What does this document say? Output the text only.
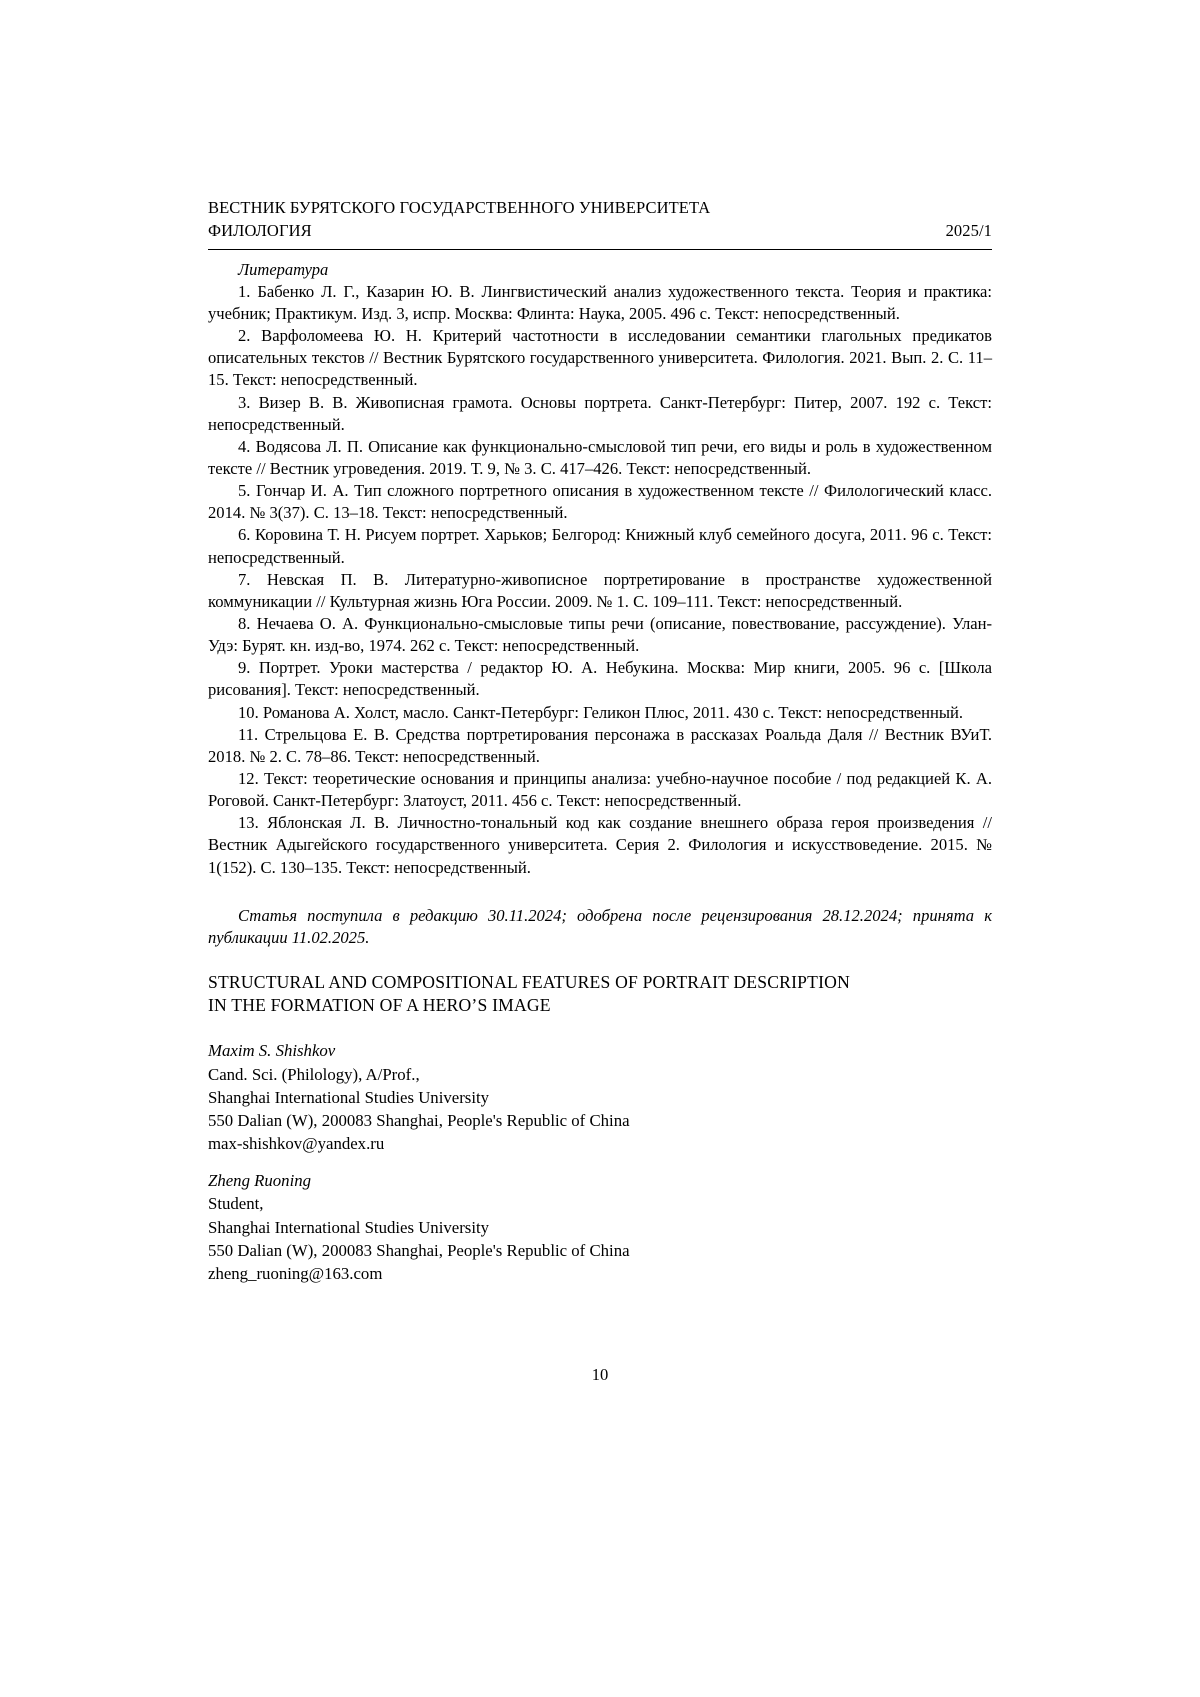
ВЕСТНИК БУРЯТСКОГО ГОСУДАРСТВЕННОГО УНИВЕРСИТЕТА
ФИЛОЛОГИЯ	2025/1
Литература

1. Бабенко Л. Г., Казарин Ю. В. Лингвистический анализ художественного текста. Теория и практика: учебник; Практикум. Изд. 3, испр. Москва: Флинта: Наука, 2005. 496 с. Текст: непосредственный.

2. Варфоломеева Ю. Н. Критерий частотности в исследовании семантики глагольных предикатов описательных текстов // Вестник Бурятского государственного университета. Филология. 2021. Вып. 2. С. 11–15. Текст: непосредственный.

3. Визер В. В. Живописная грамота. Основы портрета. Санкт-Петербург: Питер, 2007. 192 с. Текст: непосредственный.

4. Водясова Л. П. Описание как функционально-смысловой тип речи, его виды и роль в художественном тексте // Вестник угроведения. 2019. Т. 9, № 3. С. 417–426. Текст: непосредственный.

5. Гончар И. А. Тип сложного портретного описания в художественном тексте // Филологический класс. 2014. № 3(37). С. 13–18. Текст: непосредственный.

6. Коровина Т. Н. Рисуем портрет. Харьков; Белгород: Книжный клуб семейного досуга, 2011. 96 с. Текст: непосредственный.

7. Невская П. В. Литературно-живописное портретирование в пространстве художественной коммуникации // Культурная жизнь Юга России. 2009. № 1. С. 109–111. Текст: непосредственный.

8. Нечаева О. А. Функционально-смысловые типы речи (описание, повествование, рассуждение). Улан-Удэ: Бурят. кн. изд-во, 1974. 262 с. Текст: непосредственный.

9. Портрет. Уроки мастерства / редактор Ю. А. Небукина. Москва: Мир книги, 2005. 96 с. [Школа рисования]. Текст: непосредственный.

10. Романова А. Холст, масло. Санкт-Петербург: Геликон Плюс, 2011. 430 с. Текст: непосредственный.

11. Стрельцова Е. В. Средства портретирования персонажа в рассказах Роальда Даля // Вестник ВУиТ. 2018. № 2. С. 78–86. Текст: непосредственный.

12. Текст: теоретические основания и принципы анализа: учебно-научное пособие / под редакцией К. А. Роговой. Санкт-Петербург: Златоуст, 2011. 456 с. Текст: непосредственный.

13. Яблонская Л. В. Личностно-тональный код как создание внешнего образа героя произведения // Вестник Адыгейского государственного университета. Серия 2. Филология и искусствоведение. 2015. № 1(152). С. 130–135. Текст: непосредственный.

Статья поступила в редакцию 30.11.2024; одобрена после рецензирования 28.12.2024; принята к публикации 11.02.2025.

STRUCTURAL AND COMPOSITIONAL FEATURES OF PORTRAIT DESCRIPTION

IN THE FORMATION OF A HERO’S IMAGE

Maxim S. Shishkov

Cand. Sci. (Philology), A/Prof.,

Shanghai International Studies University

550 Dalian (W), 200083 Shanghai, People's Republic of China

max-shishkov@yandex.ru

Zheng Ruoning

Student,

Shanghai International Studies University

550 Dalian (W), 200083 Shanghai, People's Republic of China

zheng_ruoning@163.com

10
